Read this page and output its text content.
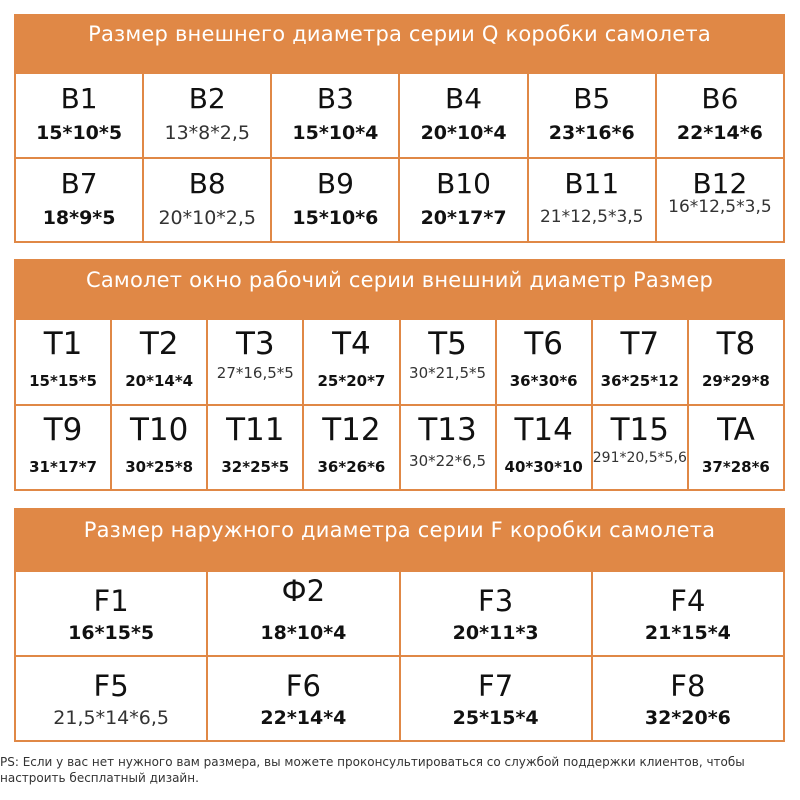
Размер внешнего диаметра серии Q коробки самолета
B1
15*10*5
B2
13*8*2,5
B3
15*10*4
B4
20*10*4
B5
23*16*6
B6
22*14*6
B7
18*9*5
B8
20*10*2,5
B9
15*10*6
B10
20*17*7
B11
21*12,5*3,5
B12
16*12,5*3,5
Самолет окно рабочий серии внешний диаметр Размер
T1
15*15*5
T2
20*14*4
T3
27*16,5*5
T4
25*20*7
T5
30*21,5*5
T6
36*30*6
T7
36*25*12
T8
29*29*8
T9
31*17*7
T10
30*25*8
T11
32*25*5
T12
36*26*6
T13
30*22*6,5
T14
40*30*10
T15
291*20,5*5,6
TA
37*28*6
Размер наружного диаметра серии F коробки самолета
F1
16*15*5
Ф2
18*10*4
F3
20*11*3
F4
21*15*4
F5
21,5*14*6,5
F6
22*14*4
F7
25*15*4
F8
32*20*6
PS: Если у вас нет нужного вам размера, вы можете проконсультироваться со службой поддержки клиентов, чтобы настроить бесплатный дизайн.
